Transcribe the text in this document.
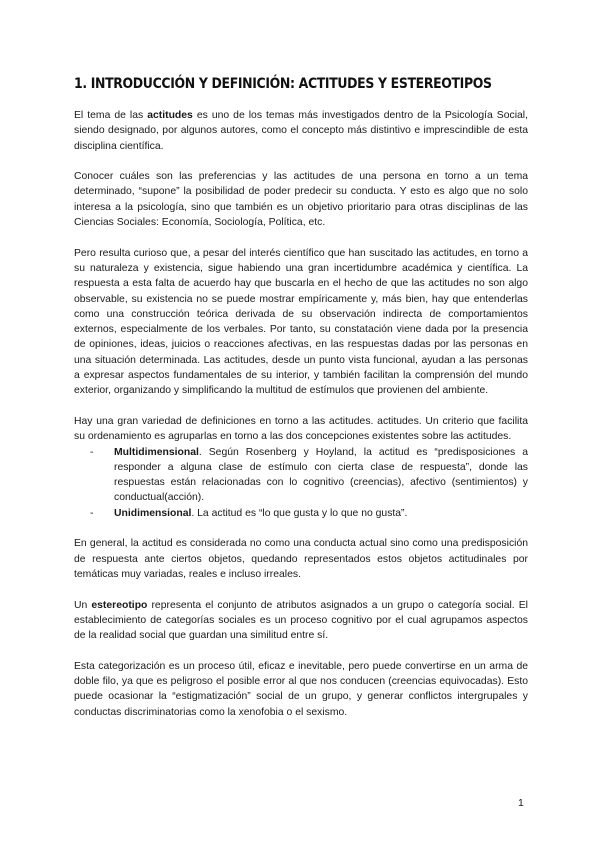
1. INTRODUCCIÓN Y DEFINICIÓN: ACTITUDES Y ESTEREOTIPOS

El tema de las actitudes es uno de los temas más investigados dentro de la Psicología Social, siendo designado, por algunos autores, como el concepto más distintivo e imprescindible de esta disciplina científica.

Conocer cuáles son las preferencias y las actitudes de una persona en torno a un tema determinado, “supone” la posibilidad de poder predecir su conducta. Y esto es algo que no solo interesa a la psicología, sino que también es un objetivo prioritario para otras disciplinas de las Ciencias Sociales: Economía, Sociología, Política, etc.

Pero resulta curioso que, a pesar del interés científico que han suscitado las actitudes, en torno a su naturaleza y existencia, sigue habiendo una gran incertidumbre académica y científica. La respuesta a esta falta de acuerdo hay que buscarla en el hecho de que las actitudes no son algo observable, su existencia no se puede mostrar empíricamente y, más bien, hay que entenderlas como una construcción teórica derivada de su observación indirecta de comportamientos externos, especialmente de los verbales. Por tanto, su constatación viene dada por la presencia de opiniones, ideas, juicios o reacciones afectivas, en las respuestas dadas por las personas en una situación determinada. Las actitudes, desde un punto vista funcional, ayudan a las personas a expresar aspectos fundamentales de su interior, y también facilitan la comprensión del mundo exterior, organizando y simplificando la multitud de estímulos que provienen del ambiente.

Hay una gran variedad de definiciones en torno a las actitudes. actitudes. Un criterio que facilita su ordenamiento es agruparlas en torno a las dos concepciones existentes sobre las actitudes.

-	Multidimensional. Según Rosenberg y Hoyland, la actitud es “predisposiciones a responder a alguna clase de estímulo con cierta clase de respuesta”, donde las respuestas están relacionadas con lo cognitivo (creencias), afectivo (sentimientos) y conductual(acción).
-	Unidimensional. La actitud es “lo que gusta y lo que no gusta”.

En general, la actitud es considerada no como una conducta actual sino como una predisposición de respuesta ante ciertos objetos, quedando representados estos objetos actitudinales por temáticas muy variadas, reales e incluso irreales.

Un estereotipo representa el conjunto de atributos asignados a un grupo o categoría social. El establecimiento de categorías sociales es un proceso cognitivo por el cual agrupamos aspectos de la realidad social que guardan una similitud entre sí.

Esta categorización es un proceso útil, eficaz e inevitable, pero puede convertirse en un arma de doble filo, ya que es peligroso el posible error al que nos conducen (creencias equivocadas). Esto puede ocasionar la “estigmatización” social de un grupo, y generar conflictos intergrupales y conductas discriminatorias como la xenofobia o el sexismo.

1
